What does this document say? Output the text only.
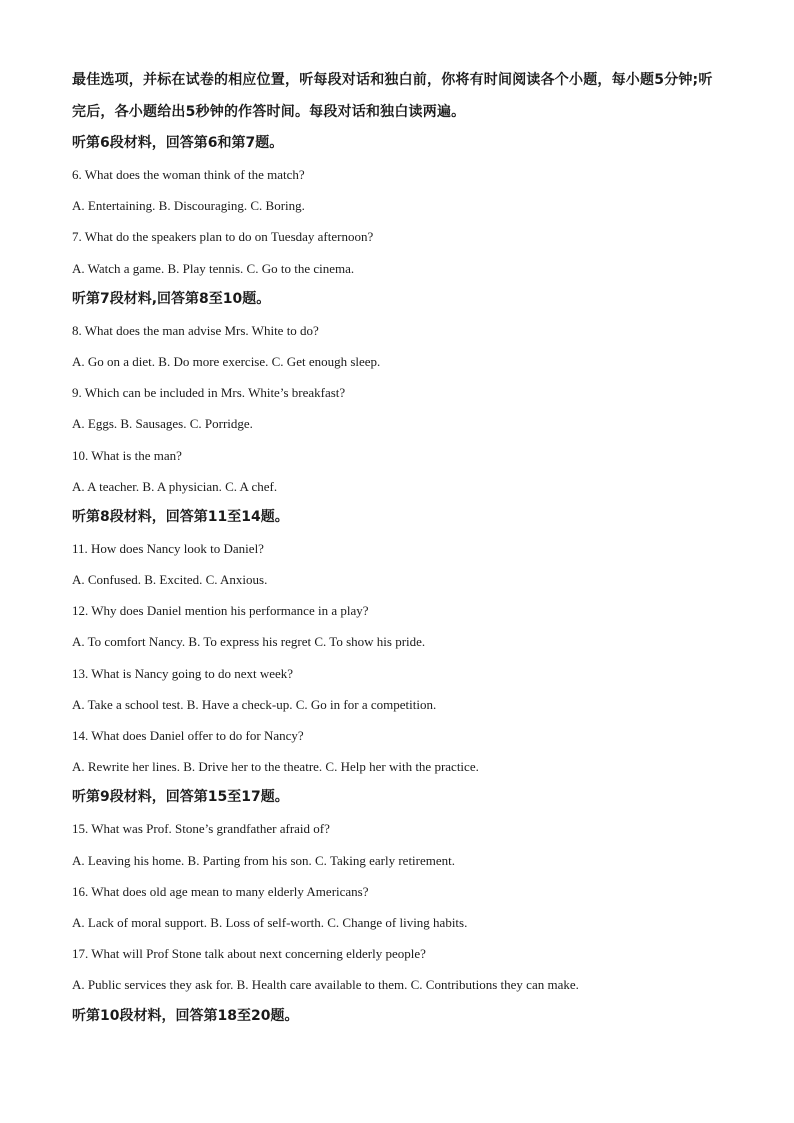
最佳选项，并标在试卷的相应位置，听每段对话和独白前，你将有时间阅读各个小题，每小题5分钟;听完后，各小题给出5秒钟的作答时间。每段对话和独白读两遍。

听第6段材料，回答第6和第7题。

6. What does the woman think of the match?

A. Entertaining. B. Discouraging. C. Boring.

7. What do the speakers plan to do on Tuesday afternoon?

A. Watch a game. B. Play tennis. C. Go to the cinema.

听第7段材料,回答第8至10题。

8. What does the man advise Mrs. White to do?

A. Go on a diet. B. Do more exercise. C. Get enough sleep.

9. Which can be included in Mrs. White’s breakfast?

A. Eggs. B. Sausages. C. Porridge.

10. What is the man?

A. A teacher. B. A physician. C. A chef.

听第8段材料，回答第11至14题。

11. How does Nancy look to Daniel?

A. Confused. B. Excited. C. Anxious.

12. Why does Daniel mention his performance in a play?

A. To comfort Nancy. B. To express his regret C. To show his pride.

13. What is Nancy going to do next week?

A. Take a school test. B. Have a check-up. C. Go in for a competition.

14. What does Daniel offer to do for Nancy?

A. Rewrite her lines. B. Drive her to the theatre. C. Help her with the practice.

听第9段材料，回答第15至17题。

15. What was Prof. Stone’s grandfather afraid of?

A. Leaving his home. B. Parting from his son. C. Taking early retirement.

16. What does old age mean to many elderly Americans?

A. Lack of moral support. B. Loss of self-worth. C. Change of living habits.

17. What will Prof Stone talk about next concerning elderly people?

A. Public services they ask for. B. Health care available to them. C. Contributions they can make.

听第10段材料，回答第18至20题。
